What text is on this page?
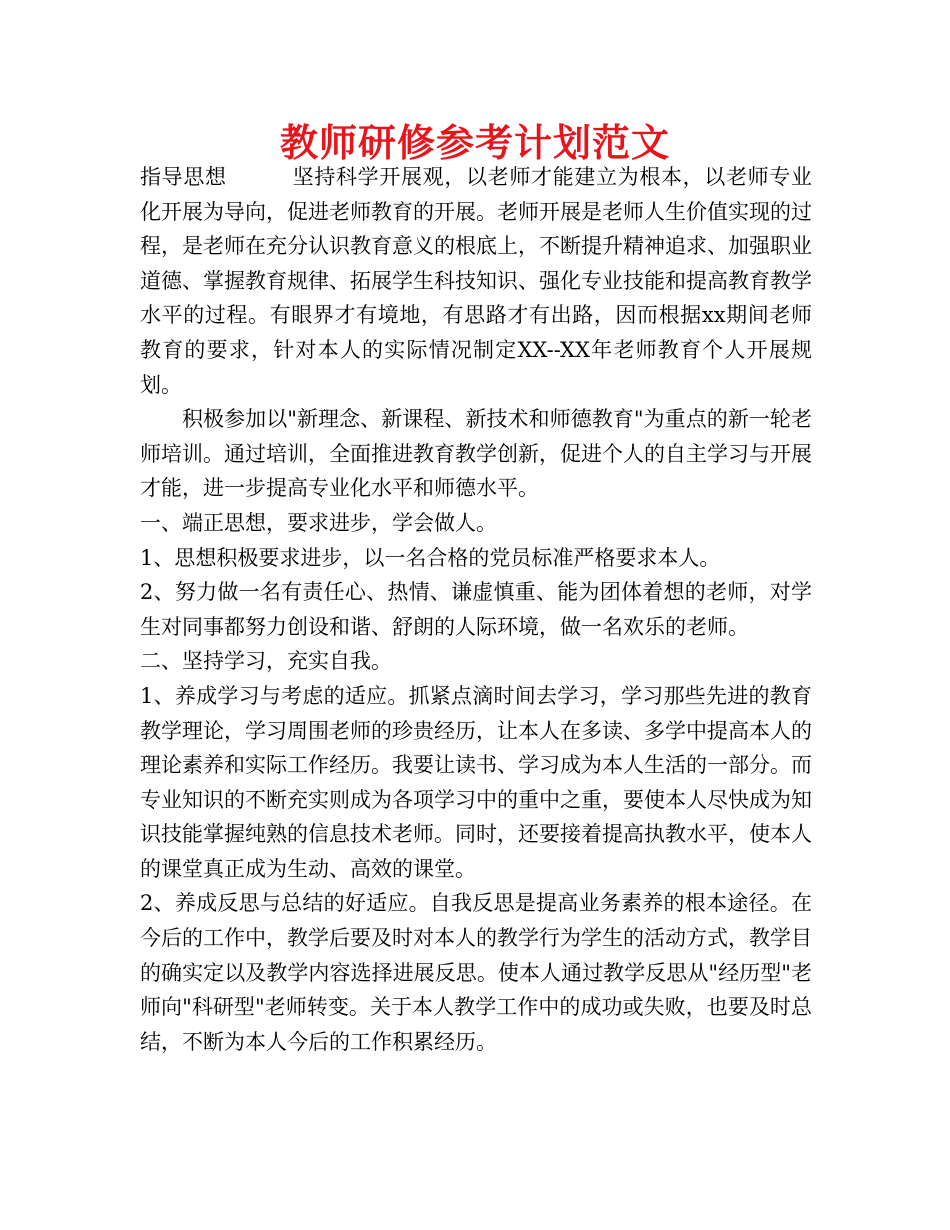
教师研修参考计划范文

指导思想	坚持科学开展观，以老师才能建立为根本，以老师专业化开展为导向，促进老师教育的开展。老师开展是老师人生价值实现的过程，是老师在充分认识教育意义的根底上，不断提升精神追求、加强职业道德、掌握教育规律、拓展学生科技知识、强化专业技能和提高教育教学水平的过程。有眼界才有境地，有思路才有出路，因而根据xx期间老师教育的要求，针对本人的实际情况制定XX--XX年老师教育个人开展规划。

积极参加以"新理念、新课程、新技术和师德教育"为重点的新一轮老师培训。通过培训，全面推进教育教学创新，促进个人的自主学习与开展才能，进一步提高专业化水平和师德水平。

一、端正思想，要求进步，学会做人。

1、思想积极要求进步，以一名合格的党员标准严格要求本人。

2、努力做一名有责任心、热情、谦虚慎重、能为团体着想的老师，对学生对同事都努力创设和谐、舒朗的人际环境，做一名欢乐的老师。

二、坚持学习，充实自我。

1、养成学习与考虑的适应。抓紧点滴时间去学习，学习那些先进的教育教学理论，学习周围老师的珍贵经历，让本人在多读、多学中提高本人的理论素养和实际工作经历。我要让读书、学习成为本人生活的一部分。而专业知识的不断充实则成为各项学习中的重中之重，要使本人尽快成为知识技能掌握纯熟的信息技术老师。同时，还要接着提高执教水平，使本人的课堂真正成为生动、高效的课堂。

2、养成反思与总结的好适应。自我反思是提高业务素养的根本途径。在今后的工作中，教学后要及时对本人的教学行为学生的活动方式，教学目的确实定以及教学内容选择进展反思。使本人通过教学反思从"经历型"老师向"科研型"老师转变。关于本人教学工作中的成功或失败，也要及时总结，不断为本人今后的工作积累经历。
